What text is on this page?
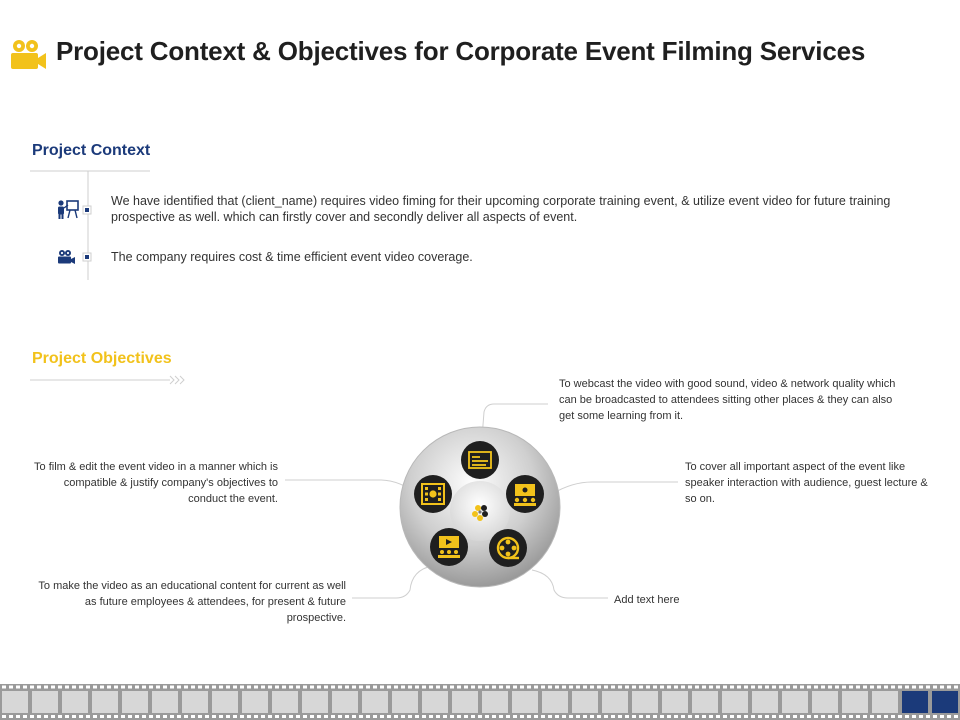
Project Context & Objectives for Corporate Event Filming Services
Project Context
We have identified that (client_name) requires video fiming for their upcoming corporate training event, & utilize event video for future training prospective as well. which can firstly cover and secondly deliver all aspects of event.
The company requires cost & time efficient event video coverage.
Project Objectives
To webcast the video with good sound, video & network quality which can be broadcasted to attendees sitting other places & they can also get some learning from it.
To film & edit the event video in a manner which is compatible & justify company's objectives to conduct the event.
To cover all important aspect of the event like speaker interaction with audience, guest lecture & so on.
To make the video as an educational content for current as well as future employees & attendees, for present & future prospective.
Add text here
